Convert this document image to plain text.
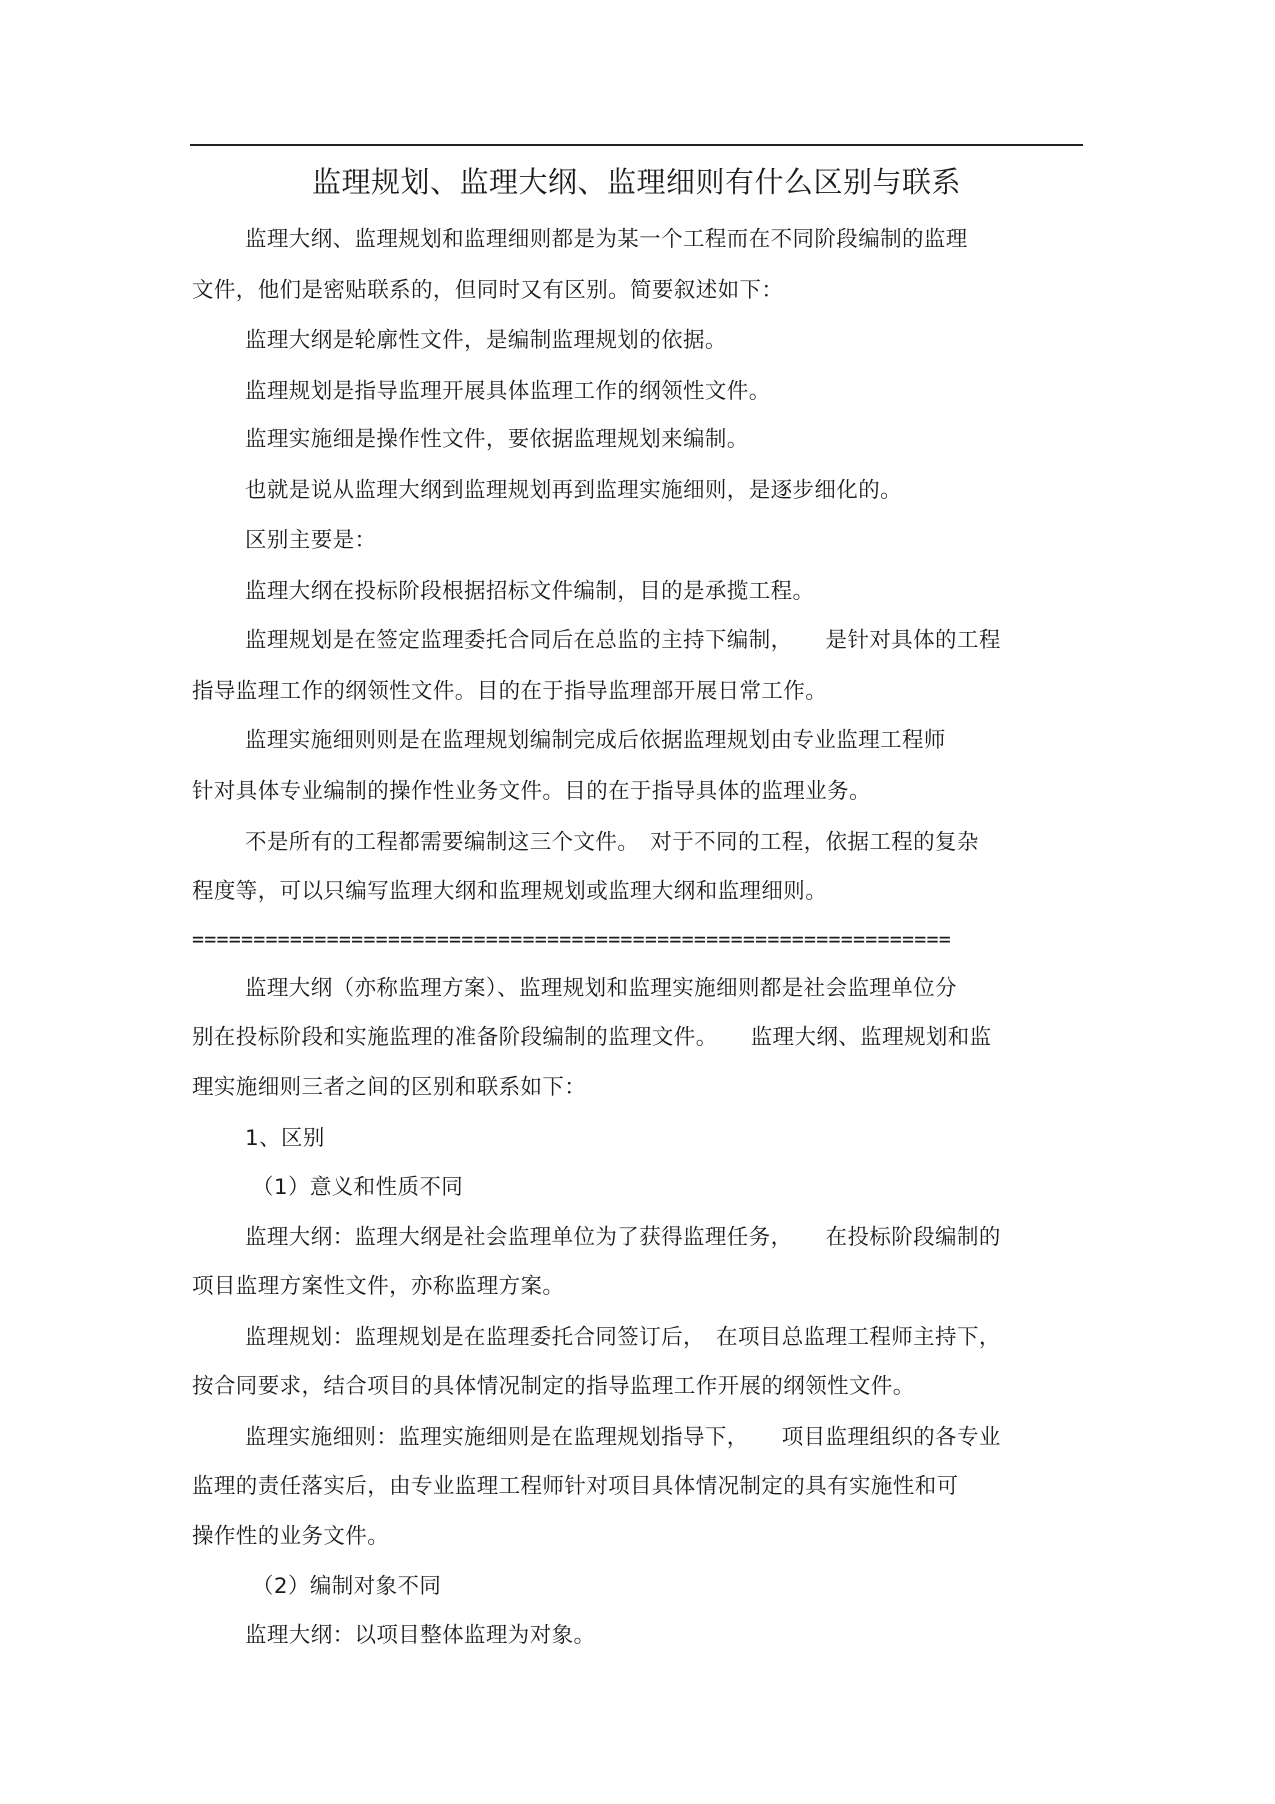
监理规划、监理大纲、监理细则有什么区别与联系
监理大纲、监理规划和监理细则都是为某一个工程而在不同阶段编制的监理
文件，他们是密贴联系的，但同时又有区别。简要叙述如下：
监理大纲是轮廓性文件，是编制监理规划的依据。
监理规划是指导监理开展具体监理工作的纲领性文件。
监理实施细是操作性文件，要依据监理规划来编制。
也就是说从监理大纲到监理规划再到监理实施细则，是逐步细化的。
区别主要是：
监理大纲在投标阶段根据招标文件编制，目的是承揽工程。
监理规划是在签定监理委托合同后在总监的主持下编制，　　是针对具体的工程
指导监理工作的纲领性文件。目的在于指导监理部开展日常工作。
监理实施细则则是在监理规划编制完成后依据监理规划由专业监理工程师
针对具体专业编制的操作性业务文件。目的在于指导具体的监理业务。
不是所有的工程都需要编制这三个文件。　对于不同的工程，依据工程的复杂
程度等，可以只编写监理大纲和监理规划或监理大纲和监理细则。
==============================================================
监理大纲（亦称监理方案）、监理规划和监理实施细则都是社会监理单位分
别在投标阶段和实施监理的准备阶段编制的监理文件。　　监理大纲、监理规划和监
理实施细则三者之间的区别和联系如下：
1、区别
（1）意义和性质不同
监理大纲：监理大纲是社会监理单位为了获得监理任务，　　在投标阶段编制的
项目监理方案性文件，亦称监理方案。
监理规划：监理规划是在监理委托合同签订后，　在项目总监理工程师主持下，
按合同要求，结合项目的具体情况制定的指导监理工作开展的纲领性文件。
监理实施细则：监理实施细则是在监理规划指导下，　　项目监理组织的各专业
监理的责任落实后，由专业监理工程师针对项目具体情况制定的具有实施性和可
操作性的业务文件。
（2）编制对象不同
监理大纲：以项目整体监理为对象。
